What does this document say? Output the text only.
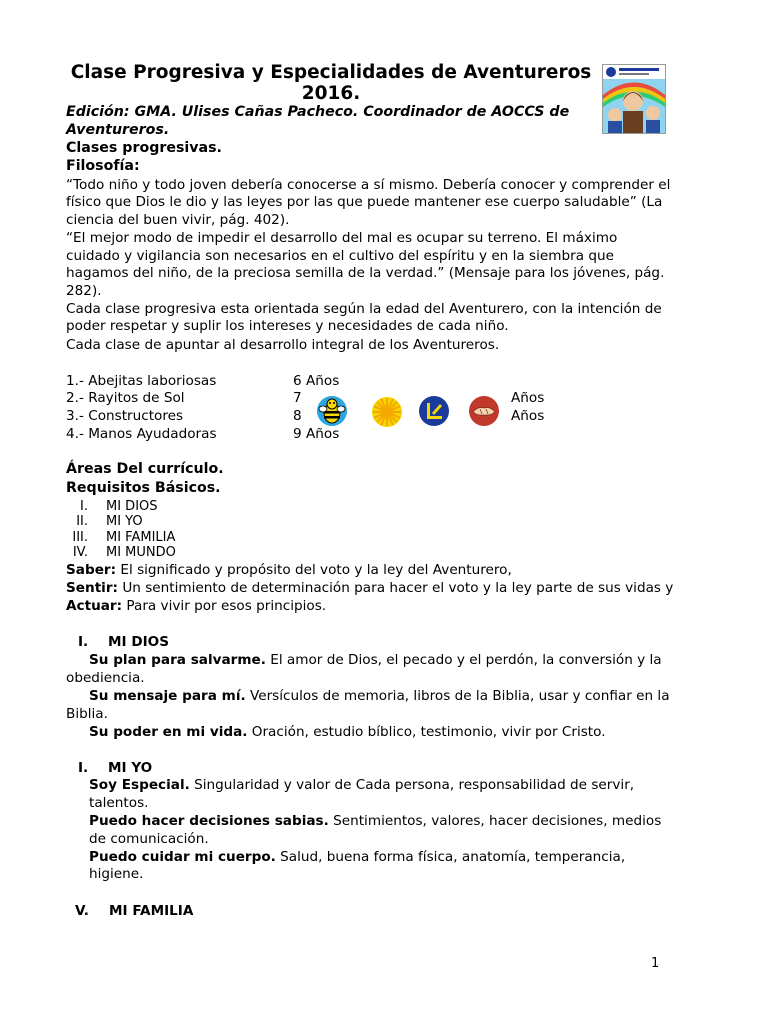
Clase Progresiva y Especialidades de Aventureros
2016.
Edición: GMA. Ulises Cañas Pacheco. Coordinador de AOCCS de
Aventureros.
Clases progresivas.
Filosofía:
“Todo niño y todo joven debería conocerse a sí mismo. Debería conocer y comprender el
físico que Dios le dio y las leyes por las que puede mantener ese cuerpo saludable” (La
ciencia del buen vivir, pág. 402).
“El mejor modo de impedir el desarrollo del mal es ocupar su terreno. El máximo
cuidado y vigilancia son necesarios en el cultivo del espíritu y en la siembra que
hagamos del niño, de la preciosa semilla de la verdad.” (Mensaje para los jóvenes, pág.
282).
Cada clase progresiva esta orientada según la edad del Aventurero, con la intención de
poder respetar y suplir los intereses y necesidades de cada niño.
Cada clase de apuntar al desarrollo integral de los Aventureros.
1.- Abejitas laboriosas	6 Años
2.- Rayitos de Sol	7	Años
3.- Constructores	8	Años
4.- Manos Ayudadoras	9 Años
Áreas Del currículo.
Requisitos Básicos.
I. MI DIOS
II. MI YO
III. MI FAMILIA
IV. MI MUNDO
Saber: El significado y propósito del voto y la ley del Aventurero,
Sentir: Un sentimiento de determinación para hacer el voto y la ley parte de sus vidas y
Actuar: Para vivir por esos principios.
I. MI DIOS
Su plan para salvarme. El amor de Dios, el pecado y el perdón, la conversión y la
obediencia.
Su mensaje para mí. Versículos de memoria, libros de la Biblia, usar y confiar en la
Biblia.
Su poder en mi vida. Oración, estudio bíblico, testimonio, vivir por Cristo.
I. MI YO
Soy Especial. Singularidad y valor de Cada persona, responsabilidad de servir,
talentos.
Puedo hacer decisiones sabias. Sentimientos, valores, hacer decisiones, medios
de comunicación.
Puedo cuidar mi cuerpo. Salud, buena forma física, anatomía, temperancia,
higiene.
V. MI FAMILIA
1
